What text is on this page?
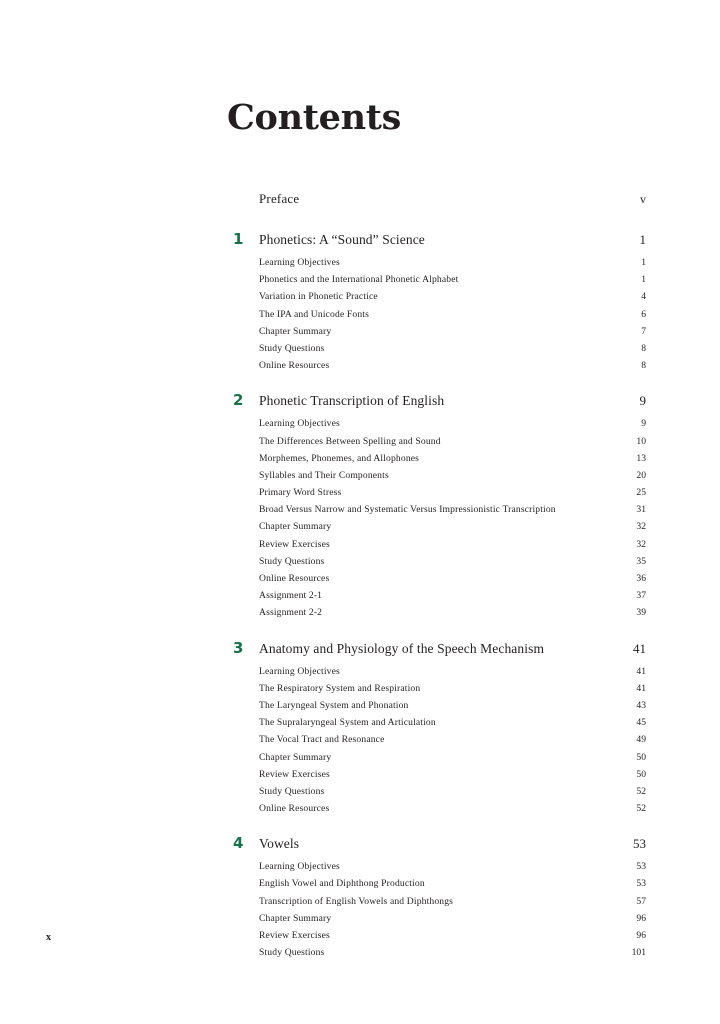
Contents
Preface	v
1	Phonetics: A “Sound” Science	1
Learning Objectives	1
Phonetics and the International Phonetic Alphabet	1
Variation in Phonetic Practice	4
The IPA and Unicode Fonts	6
Chapter Summary	7
Study Questions	8
Online Resources	8
2	Phonetic Transcription of English	9
Learning Objectives	9
The Differences Between Spelling and Sound	10
Morphemes, Phonemes, and Allophones	13
Syllables and Their Components	20
Primary Word Stress	25
Broad Versus Narrow and Systematic Versus Impressionistic Transcription	31
Chapter Summary	32
Review Exercises	32
Study Questions	35
Online Resources	36
Assignment 2-1	37
Assignment 2-2	39
3	Anatomy and Physiology of the Speech Mechanism	41
Learning Objectives	41
The Respiratory System and Respiration	41
The Laryngeal System and Phonation	43
The Supralaryngeal System and Articulation	45
The Vocal Tract and Resonance	49
Chapter Summary	50
Review Exercises	50
Study Questions	52
Online Resources	52
4	Vowels	53
Learning Objectives	53
English Vowel and Diphthong Production	53
Transcription of English Vowels and Diphthongs	57
Chapter Summary	96
Review Exercises	96
Study Questions	101
x
